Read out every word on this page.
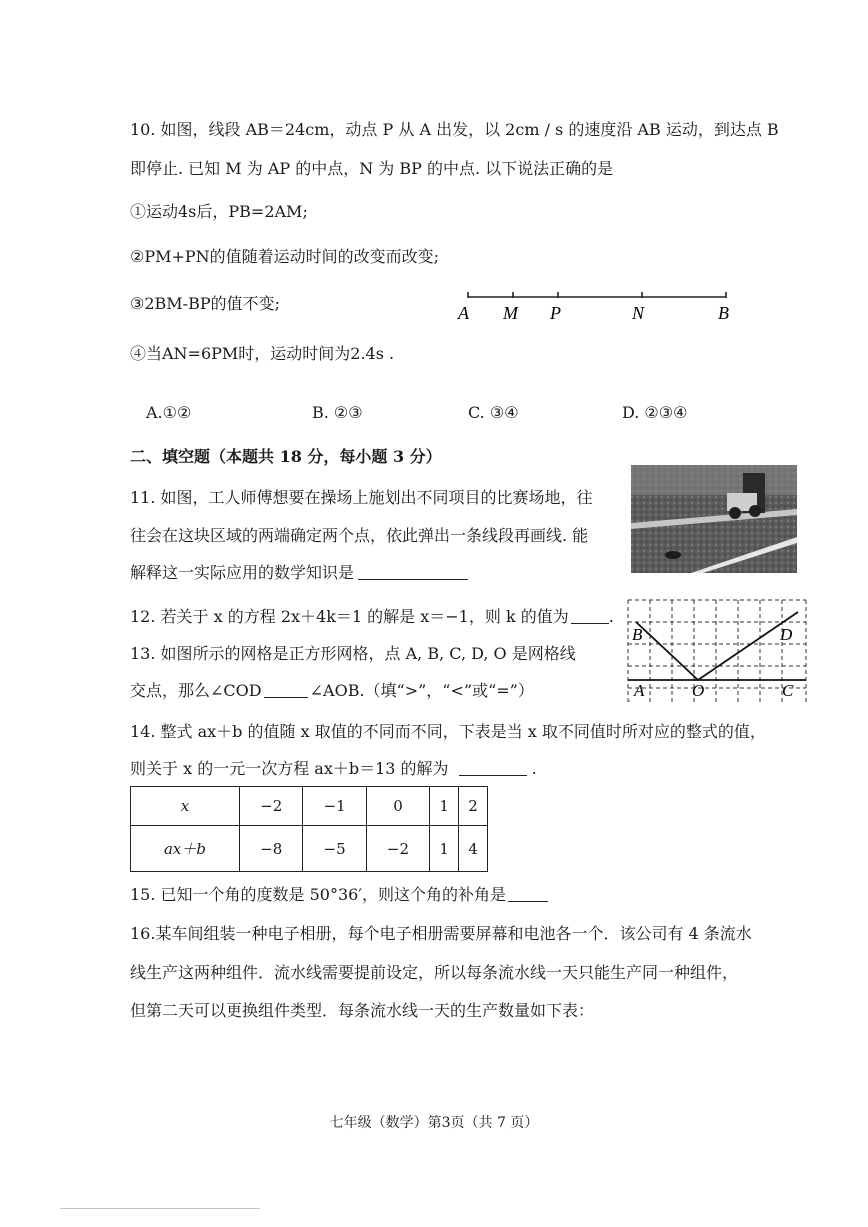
10. 如图，线段 AB＝24cm，动点 P 从 A 出发，以 2cm / s 的速度沿 AB 运动，到达点 B
即停止. 已知 M 为 AP 的中点，N 为 BP 的中点. 以下说法正确的是
①运动4s后，PB=2AM;
②PM+PN的值随着运动时间的改变而改变;
③2BM-BP的值不变;
④当AN=6PM时，运动时间为2.4s .
A M P	N	B
A.①②	B. ②③	C. ③④	D. ②③④
二、填空题（本题共 18 分，每小题 3 分）
11. 如图，工人师傅想要在操场上施划出不同项目的比赛场地，往
往会在这块区域的两端确定两个点，依此弹出一条线段再画线. 能
解释这一实际应用的数学知识是
12. 若关于 x 的方程 2x＋4k＝1 的解是 x＝−1，则 k 的值为	.
13. 如图所示的网格是正方形网格，点 A, B, C, D, O 是网格线
交点，那么∠COD	∠AOB.（填“>”，“<”或“=”）
B	D
A	O	C
14. 整式 ax＋b 的值随 x 取值的不同而不同，下表是当 x 取不同值时所对应的整式的值，
则关于 x 的一元一次方程 ax＋b＝13 的解为	.
x	−2	−1	0	1	2
ax＋b	−8	−5	−2	1	4
15. 已知一个角的度数是 50°36′，则这个角的补角是
16.某车间组装一种电子相册，每个电子相册需要屏幕和电池各一个．该公司有 4 条流水
线生产这两种组件．流水线需要提前设定，所以每条流水线一天只能生产同一种组件，
但第二天可以更换组件类型．每条流水线一天的生产数量如下表：
七年级（数学）第3页（共 7 页）
